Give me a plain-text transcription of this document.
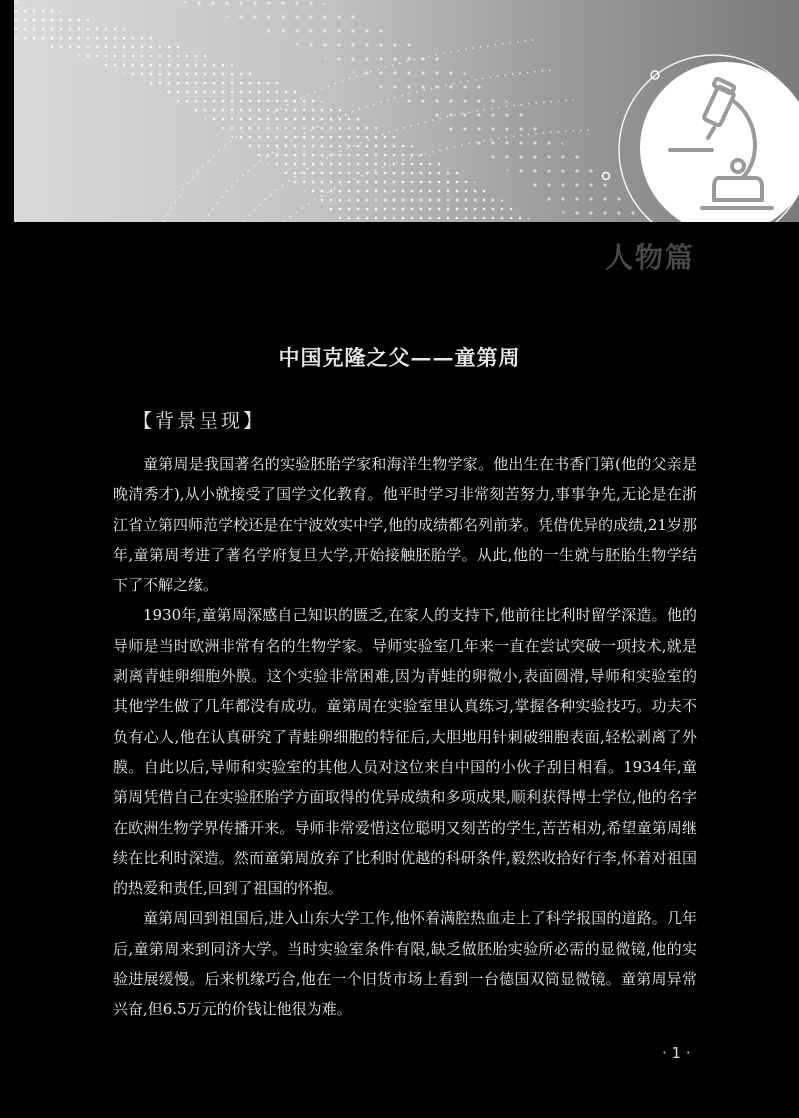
人物篇
中国克隆之父——童第周
【背景呈现】

童第周是我国著名的实验胚胎学家和海洋生物学家。他出生在书香门第(他的父亲是晚清秀才),从小就接受了国学文化教育。他平时学习非常刻苦努力,事事争先,无论是在浙江省立第四师范学校还是在宁波效实中学,他的成绩都名列前茅。凭借优异的成绩,21岁那年,童第周考进了著名学府复旦大学,开始接触胚胎学。从此,他的一生就与胚胎生物学结下了不解之缘。

1930年,童第周深感自己知识的匮乏,在家人的支持下,他前往比利时留学深造。他的导师是当时欧洲非常有名的生物学家。导师实验室几年来一直在尝试突破一项技术,就是剥离青蛙卵细胞外膜。这个实验非常困难,因为青蛙的卵微小,表面圆滑,导师和实验室的其他学生做了几年都没有成功。童第周在实验室里认真练习,掌握各种实验技巧。功夫不负有心人,他在认真研究了青蛙卵细胞的特征后,大胆地用针刺破细胞表面,轻松剥离了外膜。自此以后,导师和实验室的其他人员对这位来自中国的小伙子刮目相看。1934年,童第周凭借自己在实验胚胎学方面取得的优异成绩和多项成果,顺利获得博士学位,他的名字在欧洲生物学界传播开来。导师非常爱惜这位聪明又刻苦的学生,苦苦相劝,希望童第周继续在比利时深造。然而童第周放弃了比利时优越的科研条件,毅然收拾好行李,怀着对祖国的热爱和责任,回到了祖国的怀抱。

童第周回到祖国后,进入山东大学工作,他怀着满腔热血走上了科学报国的道路。几年后,童第周来到同济大学。当时实验室条件有限,缺乏做胚胎实验所必需的显微镜,他的实验进展缓慢。后来机缘巧合,他在一个旧货市场上看到一台德国双筒显微镜。童第周异常兴奋,但6.5万元的价钱让他很为难。

· 1 ·
